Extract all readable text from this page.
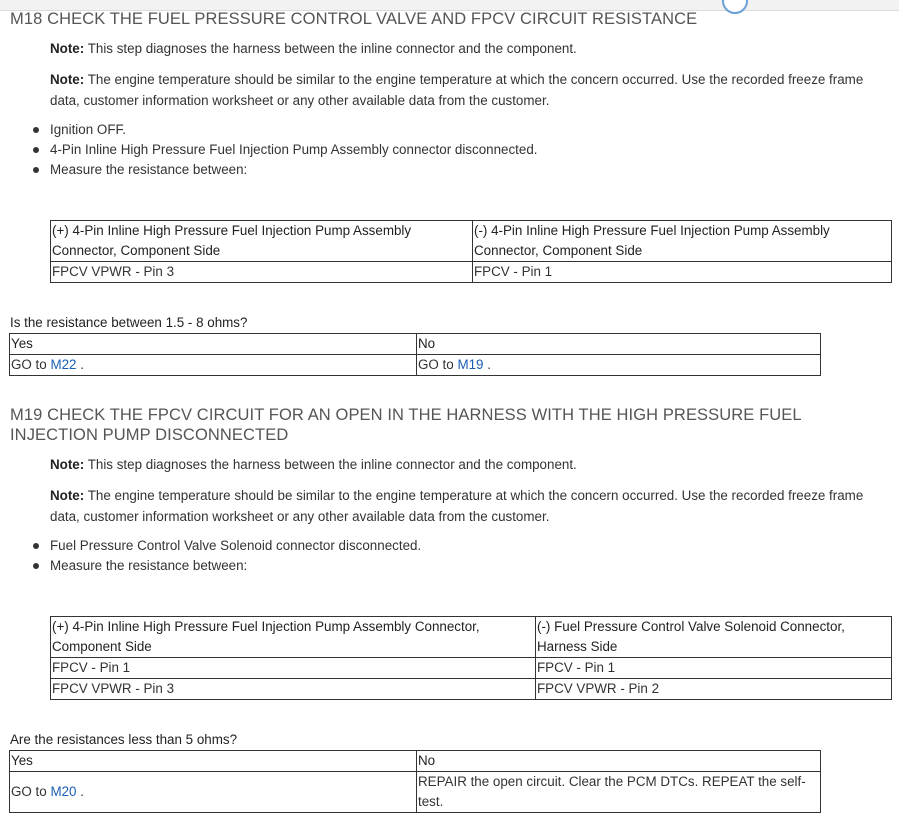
M18 CHECK THE FUEL PRESSURE CONTROL VALVE AND FPCV CIRCUIT RESISTANCE

Note: This step diagnoses the harness between the inline connector and the component.

Note: The engine temperature should be similar to the engine temperature at which the concern occurred. Use the recorded freeze frame data, customer information worksheet or any other available data from the customer.

Ignition OFF.
4-Pin Inline High Pressure Fuel Injection Pump Assembly connector disconnected.
Measure the resistance between:
(+) 4-Pin Inline High Pressure Fuel Injection Pump Assembly Connector, Component Side	(-) 4-Pin Inline High Pressure Fuel Injection Pump Assembly Connector, Component Side
FPCV VPWR - Pin 3	FPCV - Pin 1

Is the resistance between 1.5 - 8 ohms?

Yes	No
GO to M22 .	GO to M19 .
M19 CHECK THE FPCV CIRCUIT FOR AN OPEN IN THE HARNESS WITH THE HIGH PRESSURE FUEL
INJECTION PUMP DISCONNECTED

Note: This step diagnoses the harness between the inline connector and the component.

Note: The engine temperature should be similar to the engine temperature at which the concern occurred. Use the recorded freeze frame data, customer information worksheet or any other available data from the customer.

Fuel Pressure Control Valve Solenoid connector disconnected.
Measure the resistance between:
(+) 4-Pin Inline High Pressure Fuel Injection Pump Assembly Connector, Component Side	(-) Fuel Pressure Control Valve Solenoid Connector, Harness Side
FPCV - Pin 1	FPCV - Pin 1
FPCV VPWR - Pin 3	FPCV VPWR - Pin 2

Are the resistances less than 5 ohms?

Yes	No
GO to M20 .	REPAIR the open circuit. Clear the PCM DTCs. REPEAT the self-test.
